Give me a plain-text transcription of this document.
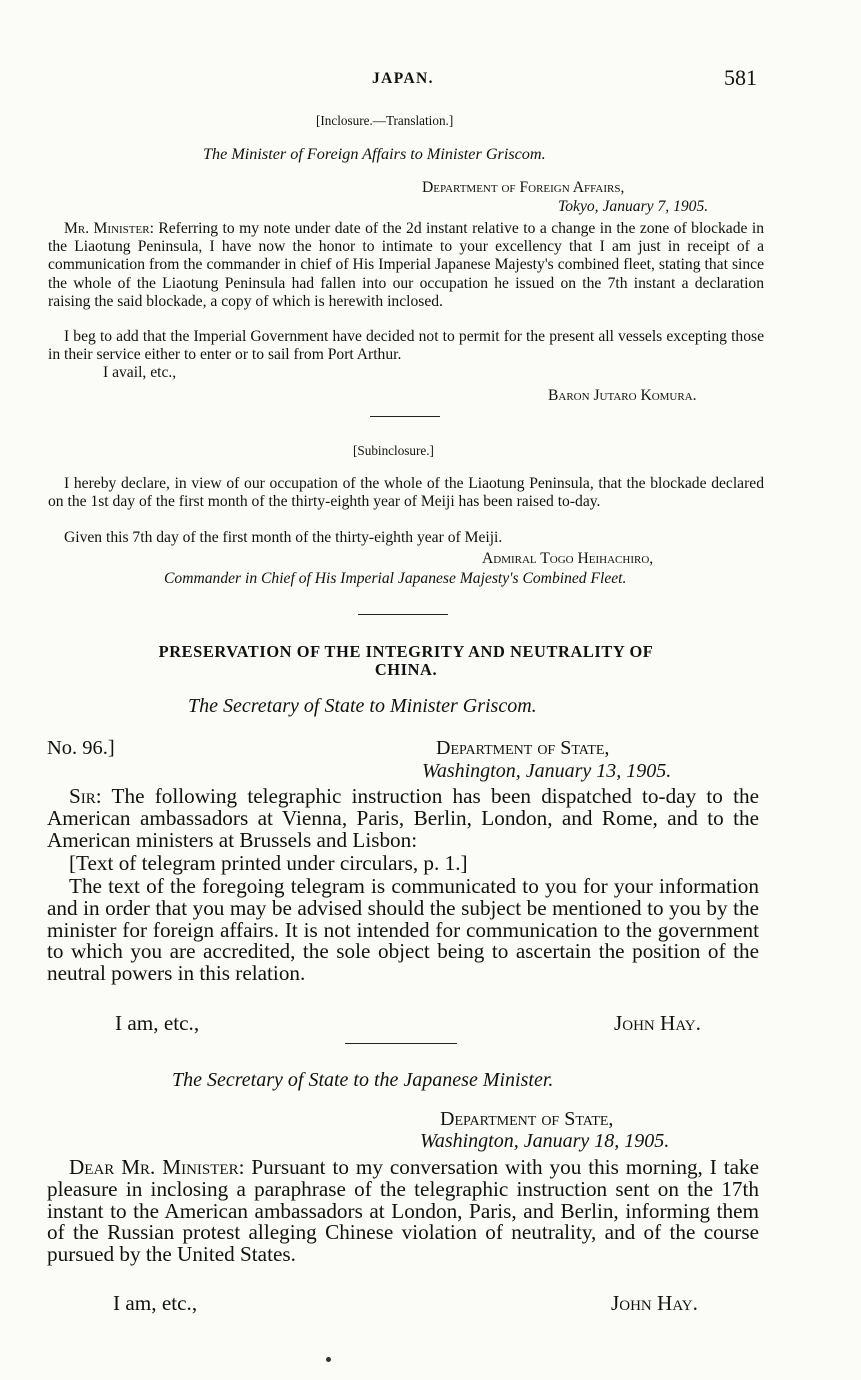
JAPAN.	581
[Inclosure.—Translation.]
The Minister of Foreign Affairs to Minister Griscom.
Department of Foreign Affairs,
Tokyo, January 7, 1905.
Mr. Minister: Referring to my note under date of the 2d instant relative to a change in the zone of blockade in the Liaotung Peninsula, I have now the honor to intimate to your excellency that I am just in receipt of a communication from the commander in chief of His Imperial Japanese Majesty's combined fleet, stating that since the whole of the Liaotung Peninsula had fallen into our occupation he issued on the 7th instant a declaration raising the said blockade, a copy of which is herewith inclosed.
I beg to add that the Imperial Government have decided not to permit for the present all vessels excepting those in their service either to enter or to sail from Port Arthur.
I avail, etc.,
Baron Jutaro Komura.
[Subinclosure.]
I hereby declare, in view of our occupation of the whole of the Liaotung Peninsula, that the blockade declared on the 1st day of the first month of the thirty-eighth year of Meiji has been raised to-day.
Given this 7th day of the first month of the thirty-eighth year of Meiji.
Admiral Togo Heihachiro,
Commander in Chief of His Imperial Japanese Majesty's Combined Fleet.
PRESERVATION OF THE INTEGRITY AND NEUTRALITY OF
CHINA.
The Secretary of State to Minister Griscom.
No. 96.]	Department of State,
Washington, January 13, 1905.
Sir: The following telegraphic instruction has been dispatched to-day to the American ambassadors at Vienna, Paris, Berlin, London, and Rome, and to the American ministers at Brussels and Lisbon:
[Text of telegram printed under circulars, p. 1.]
The text of the foregoing telegram is communicated to you for your information and in order that you may be advised should the subject be mentioned to you by the minister for foreign affairs. It is not intended for communication to the government to which you are accredited, the sole object being to ascertain the position of the neutral powers in this relation.
I am, etc.,	John Hay.
The Secretary of State to the Japanese Minister.
Department of State,
Washington, January 18, 1905.
Dear Mr. Minister: Pursuant to my conversation with you this morning, I take pleasure in inclosing a paraphrase of the telegraphic instruction sent on the 17th instant to the American ambassadors at London, Paris, and Berlin, informing them of the Russian protest alleging Chinese violation of neutrality, and of the course pursued by the United States.
I am, etc.,	John Hay.
